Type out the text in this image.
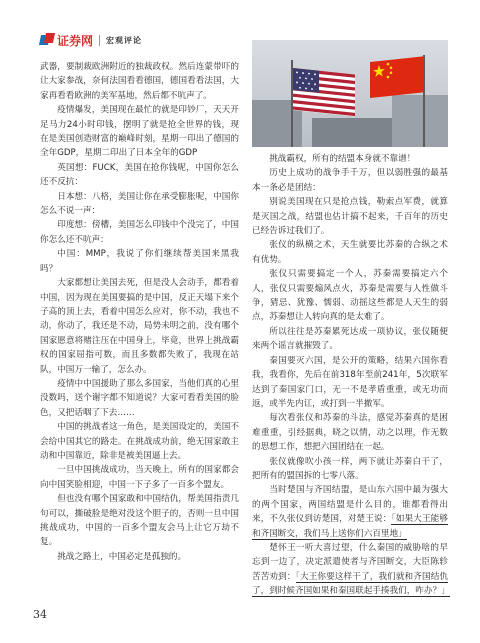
证券网 宏观评论

武器，要制裁欧洲附近的独裁政权。然后连蒙带吓的让大家参战，奈何法国看看德国，德国看看法国，大家再看看欧洲的美军基地，然后都不吭声了。

疫情爆发，美国现在最忙的就是印钞厂，天天开足马力24小时印钱，摆明了就是抢全世界的钱，现在是美国创造财富的巅峰时刻，星期一印出了德国的全年GDP，星期二印出了日本全年的GDP

英国想：FUCK，美国在抢你钱呢，中国你怎么还不反抗：

日本想：八格，美国让你在承受膨胀呢，中国你怎么不说一声：

印度想：傍槽，美国怎么印钱中个没完了，中国你怎么还不吭声：

中国：MMP，我说了你们继续帮美国来黑我吗？

大家都想让美国去死，但是没人会动手，都看着中国，因为现在美国要搞的是中国，反正天塌下来个子高的顶上去，看着中国怎么应对，你不动，我也不动，你动了，我还是不动，局势未明之前，没有哪个国家愿意将赌注压在中国身上，毕竟，世界上挑战霸权的国家屈指可数，而且多数都失败了，我现在站队，中国万一输了，怎么办。

疫情中中国援助了那么多国家，当他们真的心里没数吗，送个谢字都不知道说？大家可看看美国的脸色，又把话咽了下去……

中国的挑战者这一角色，是美国设定的，美国不会给中国其它的路走。在挑战成功前，绝无国家敢主动和中国靠近，除非是被美国逼上去。

一旦中国挑战成功，当天晚上，所有的国家都会向中国笑脸相迎，中国一下子多了一百多个盟友。

但也没有哪个国家敢和中国结仇，帮美国指责几句可以，撕破脸是绝对没这个胆子的，否则一旦中国挑战成功，中国的一百多个盟友会马上让它万劫不复。

挑战之路上，中国必定是孤独的。

挑战霸权，所有的结盟本身就不靠谱！

历史上成功的战争手千万，但以弱胜强的最基本一条必是团结：

别说美国现在只是抢点钱，勒索点军费，就算是灭国之战，结盟也估计搞不起来，千百年的历史已经告诉过我们了。

张仪的纵横之术，天生就要比苏秦的合纵之术有优势。

张仪只需要搞定一个人，苏秦需要搞定六个人，张仪只需要煽风点火，苏秦是需要与人性做斗争，猜忌、犹豫、懦弱、动摇这些都是人天生的弱点，苏秦想让人转向真的是太难了。

所以往往是苏秦累死达成一项协议，张仪随便来两个谣言就摧毁了。

秦国要灭六国，是公开的策略，结果六国你看我，我看你，先后在前318年至前241年，5次联军达到了秦国家门口，无一不是孝盾重重，或无功而返，或半先内讧，或打到一半撤军。

每次看张仪和苏秦的斗法，感觉苏秦真的是困难重重，引经据典，晓之以情，动之以理，作无数的思想工作，想把六国团结在一起。

张仪就像吹小孩一样，两下就让苏秦白干了，把所有的盟国拆的七零八落。

当时楚国与齐国结盟，是山东六国中最为强大的两个国家，两国结盟是什么目的，谁都看得出来，不久张仪到访楚国，对楚王说：「如果大王能够和齐国断交，我们马上送你们六百里地」

楚怀王一听大喜过望，什么秦国的威胁啥的早忘到一边了，决定派遣使者与齐国断交，大臣陈轸苦苦劝到：「大王你要这样干了，我们就和齐国结仇了，到时候齐国如果和秦国联起手揍我们，咋办？」

34
